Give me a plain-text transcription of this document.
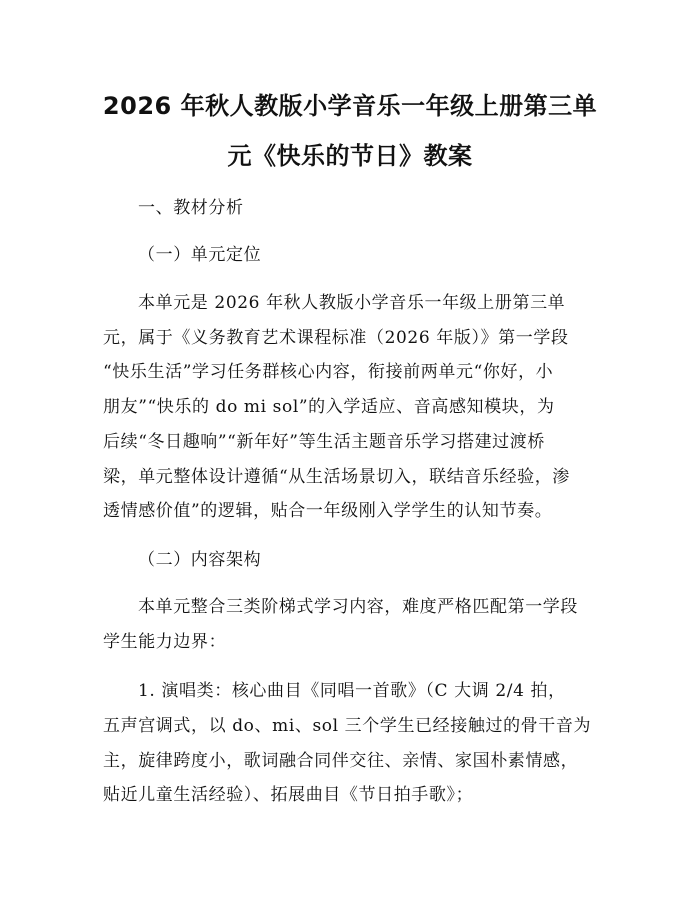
2026 年秋人教版小学音乐一年级上册第三单
元《快乐的节日》教案
一、教材分析
（一）单元定位
本单元是 2026 年秋人教版小学音乐一年级上册第三单
元，属于《义务教育艺术课程标准（2026 年版）》第一学段
“快乐生活”学习任务群核心内容，衔接前两单元“你好，小
朋友”“快乐的 do mi sol”的入学适应、音高感知模块，为
后续“冬日趣响”“新年好”等生活主题音乐学习搭建过渡桥
梁，单元整体设计遵循“从生活场景切入，联结音乐经验，渗
透情感价值”的逻辑，贴合一年级刚入学学生的认知节奏。
（二）内容架构
本单元整合三类阶梯式学习内容，难度严格匹配第一学段
学生能力边界：
1. 演唱类：核心曲目《同唱一首歌》（C 大调 2/4 拍，
五声宫调式，以 do、mi、sol 三个学生已经接触过的骨干音为
主，旋律跨度小，歌词融合同伴交往、亲情、家国朴素情感，
贴近儿童生活经验）、拓展曲目《节日拍手歌》；
